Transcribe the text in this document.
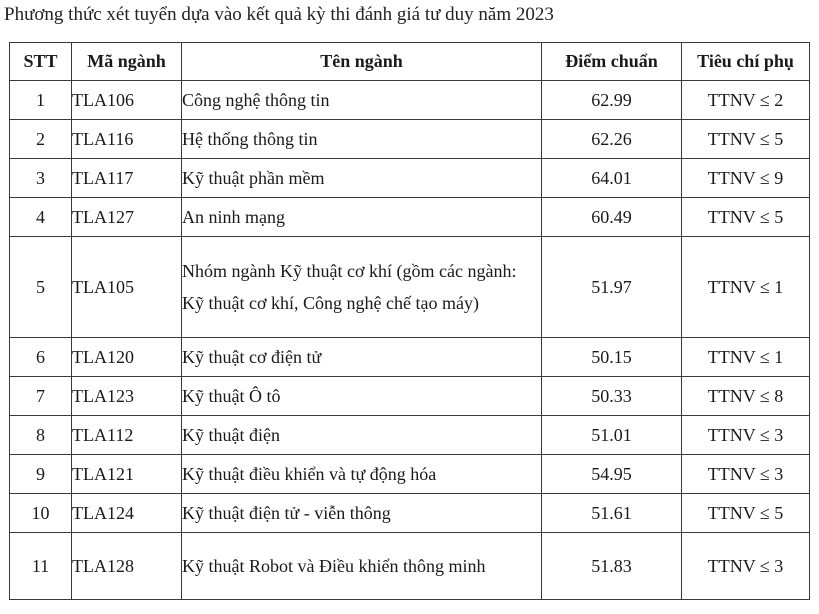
Phương thức xét tuyển dựa vào kết quả kỳ thi đánh giá tư duy năm 2023
STT	Mã ngành	Tên ngành	Điểm chuẩn	Tiêu chí phụ
1	TLA106	Công nghệ thông tin	62.99	TTNV ≤ 2
2	TLA116	Hệ thống thông tin	62.26	TTNV ≤ 5
3	TLA117	Kỹ thuật phần mềm	64.01	TTNV ≤ 9
4	TLA127	An ninh mạng	60.49	TTNV ≤ 5
5	TLA105	Nhóm ngành Kỹ thuật cơ khí (gồm các ngành: Kỹ thuật cơ khí, Công nghệ chế tạo máy)	51.97	TTNV ≤ 1
6	TLA120	Kỹ thuật cơ điện tử	50.15	TTNV ≤ 1
7	TLA123	Kỹ thuật Ô tô	50.33	TTNV ≤ 8
8	TLA112	Kỹ thuật điện	51.01	TTNV ≤ 3
9	TLA121	Kỹ thuật điều khiển và tự động hóa	54.95	TTNV ≤ 3
10	TLA124	Kỹ thuật điện tử - viễn thông	51.61	TTNV ≤ 5
11	TLA128	Kỹ thuật Robot và Điều khiển thông minh	51.83	TTNV ≤ 3
